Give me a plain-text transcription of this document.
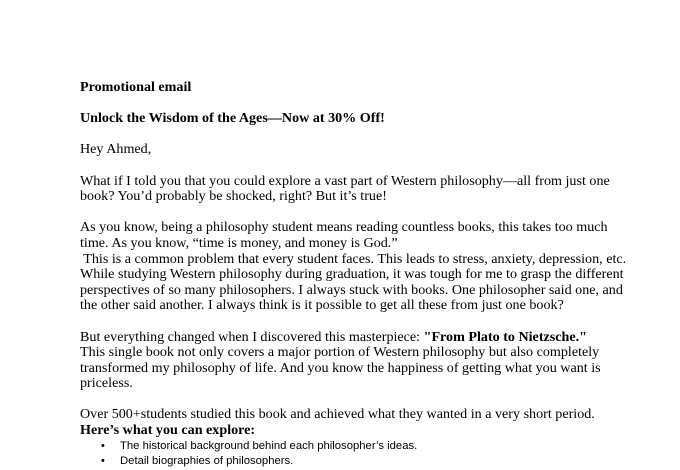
Promotional email

Unlock the Wisdom of the Ages—Now at 30% Off!

Hey Ahmed,

What if I told you that you could explore a vast part of Western philosophy—all from just one

book? You’d probably be shocked, right? But it’s true!

As you know, being a philosophy student means reading countless books, this takes too much

time. As you know, “time is money, and money is God.”

This is a common problem that every student faces. This leads to stress, anxiety, depression, etc.

While studying Western philosophy during graduation, it was tough for me to grasp the different

perspectives of so many philosophers. I always stuck with books. One philosopher said one, and

the other said another. I always think is it possible to get all these from just one book?

But everything changed when I discovered this masterpiece: "From Plato to Nietzsche."

This single book not only covers a major portion of Western philosophy but also completely

transformed my philosophy of life. And you know the happiness of getting what you want is

priceless.

Over 500+students studied this book and achieved what they wanted in a very short period.

Here’s what you can explore:

• The historical background behind each philosopher’s ideas.
• Detail biographies of philosophers.
